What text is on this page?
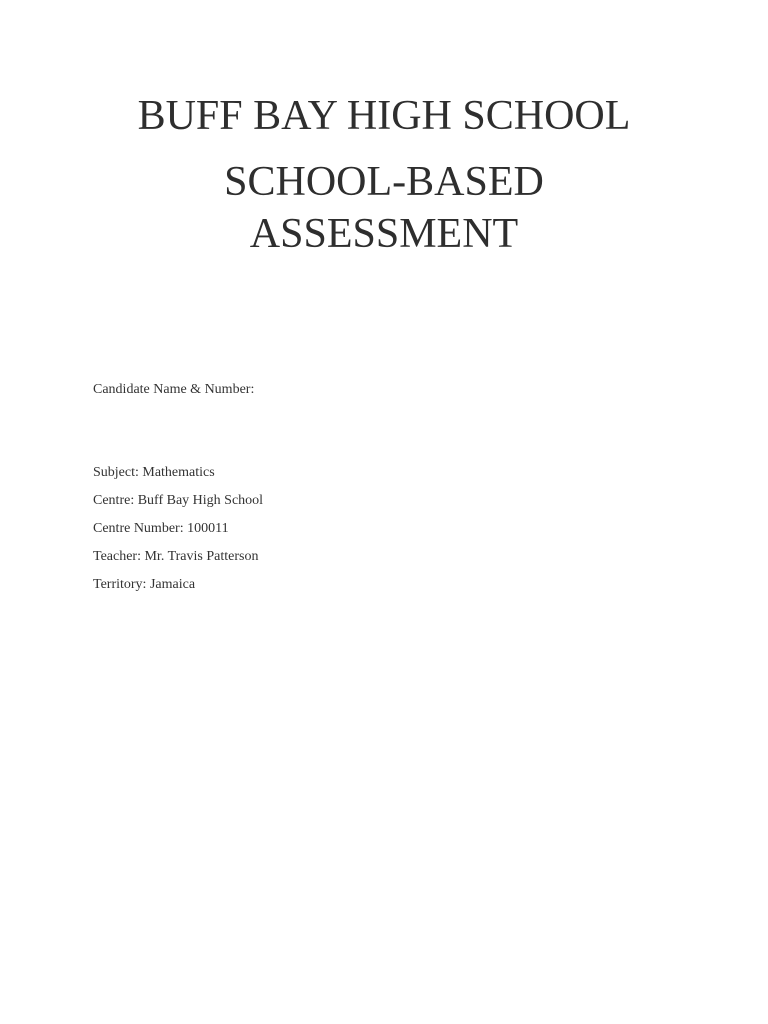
BUFF BAY HIGH SCHOOL
SCHOOL-BASED
ASSESSMENT
Candidate Name & Number:
Subject: Mathematics
Centre: Buff Bay High School
Centre Number: 100011
Teacher: Mr. Travis Patterson
Territory: Jamaica
